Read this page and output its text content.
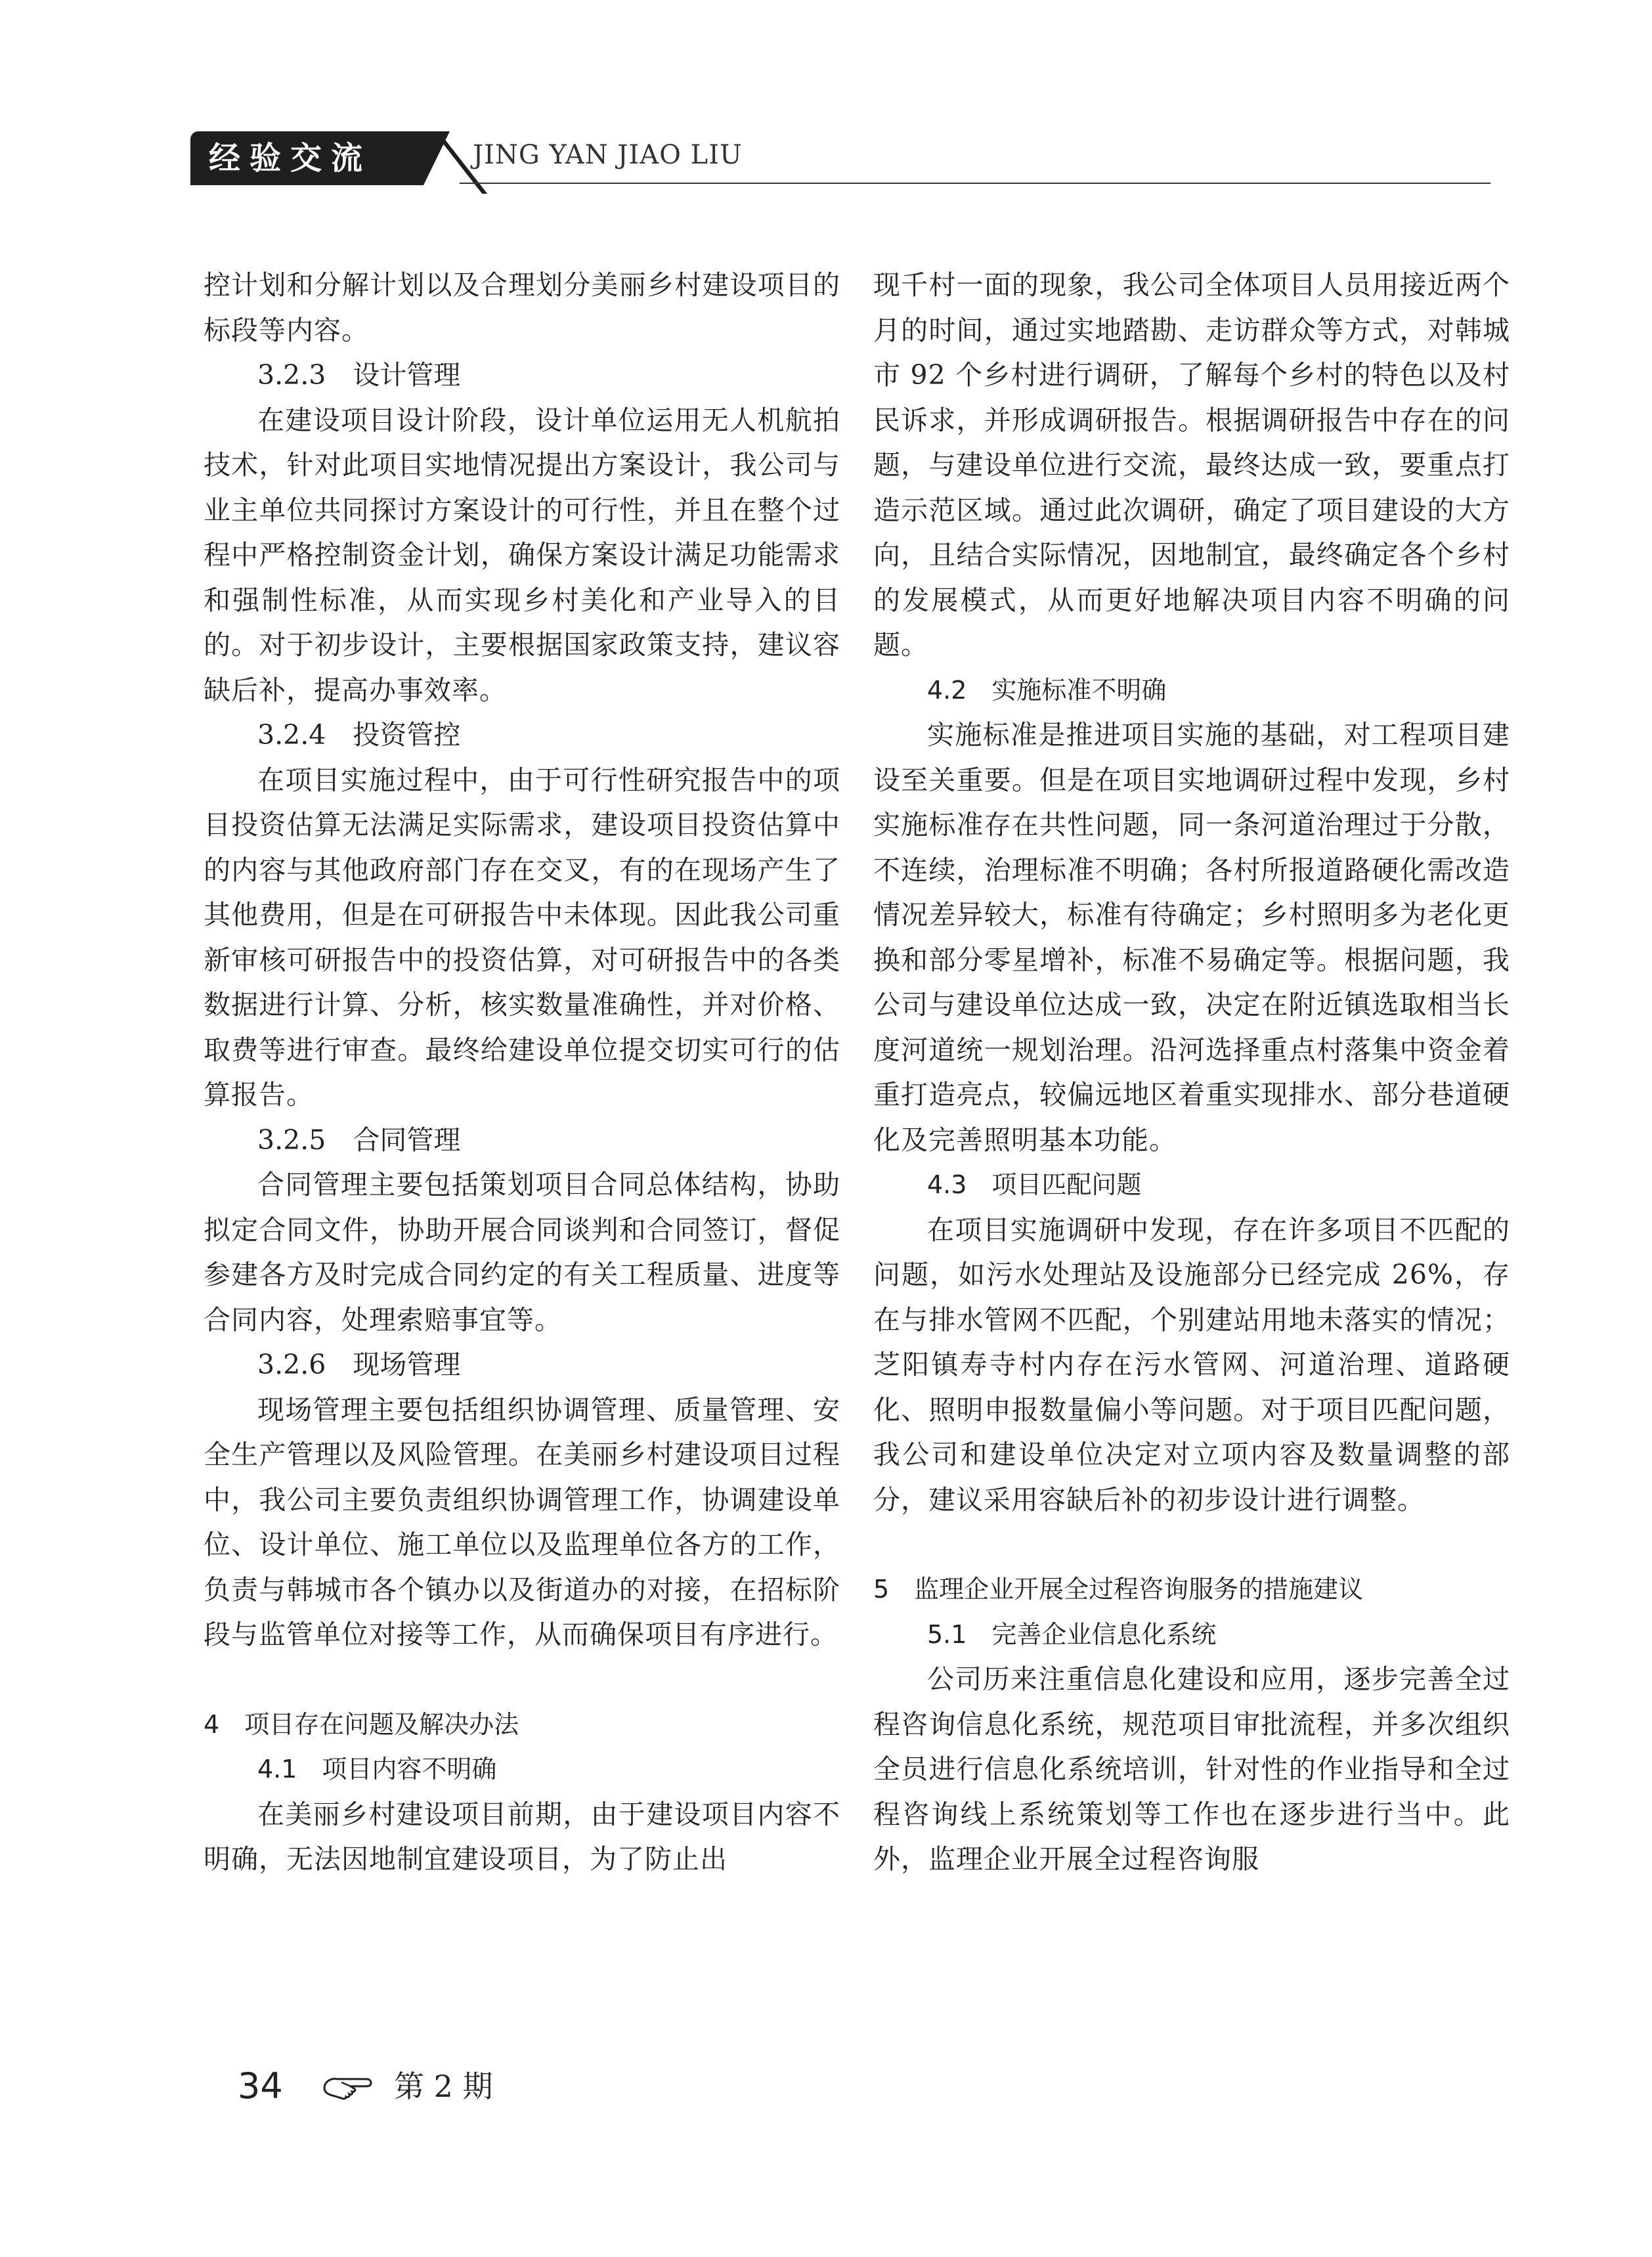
经验交流	JING YAN JIAO LIU
控计划和分解计划以及合理划分美丽乡村建设项目的标段等内容。
3.2.3　设计管理
在建设项目设计阶段，设计单位运用无人机航拍技术，针对此项目实地情况提出方案设计，我公司与业主单位共同探讨方案设计的可行性，并且在整个过程中严格控制资金计划，确保方案设计满足功能需求和强制性标准，从而实现乡村美化和产业导入的目的。对于初步设计，主要根据国家政策支持，建议容缺后补，提高办事效率。
3.2.4　投资管控
在项目实施过程中，由于可行性研究报告中的项目投资估算无法满足实际需求，建设项目投资估算中的内容与其他政府部门存在交叉，有的在现场产生了其他费用，但是在可研报告中未体现。因此我公司重新审核可研报告中的投资估算，对可研报告中的各类数据进行计算、分析，核实数量准确性，并对价格、取费等进行审查。最终给建设单位提交切实可行的估算报告。
3.2.5　合同管理
合同管理主要包括策划项目合同总体结构，协助拟定合同文件，协助开展合同谈判和合同签订，督促参建各方及时完成合同约定的有关工程质量、进度等合同内容，处理索赔事宜等。
3.2.6　现场管理
现场管理主要包括组织协调管理、质量管理、安全生产管理以及风险管理。在美丽乡村建设项目过程中，我公司主要负责组织协调管理工作，协调建设单位、设计单位、施工单位以及监理单位各方的工作，负责与韩城市各个镇办以及街道办的对接，在招标阶段与监管单位对接等工作，从而确保项目有序进行。
4　项目存在问题及解决办法
4.1　项目内容不明确
在美丽乡村建设项目前期，由于建设项目内容不明确，无法因地制宜建设项目，为了防止出
现千村一面的现象，我公司全体项目人员用接近两个月的时间，通过实地踏勘、走访群众等方式，对韩城市 92 个乡村进行调研，了解每个乡村的特色以及村民诉求，并形成调研报告。根据调研报告中存在的问题，与建设单位进行交流，最终达成一致，要重点打造示范区域。通过此次调研，确定了项目建设的大方向，且结合实际情况，因地制宜，最终确定各个乡村的发展模式，从而更好地解决项目内容不明确的问题。
4.2　实施标准不明确
实施标准是推进项目实施的基础，对工程项目建设至关重要。但是在项目实地调研过程中发现，乡村实施标准存在共性问题，同一条河道治理过于分散，不连续，治理标准不明确；各村所报道路硬化需改造情况差异较大，标准有待确定；乡村照明多为老化更换和部分零星增补，标准不易确定等。根据问题，我公司与建设单位达成一致，决定在附近镇选取相当长度河道统一规划治理。沿河选择重点村落集中资金着重打造亮点，较偏远地区着重实现排水、部分巷道硬化及完善照明基本功能。
4.3　项目匹配问题
在项目实施调研中发现，存在许多项目不匹配的问题，如污水处理站及设施部分已经完成 26%，存在与排水管网不匹配，个别建站用地未落实的情况；芝阳镇寿寺村内存在污水管网、河道治理、道路硬化、照明申报数量偏小等问题。对于项目匹配问题，我公司和建设单位决定对立项内容及数量调整的部分，建议采用容缺后补的初步设计进行调整。
5　监理企业开展全过程咨询服务的措施建议
5.1　完善企业信息化系统
公司历来注重信息化建设和应用，逐步完善全过程咨询信息化系统，规范项目审批流程，并多次组织全员进行信息化系统培训，针对性的作业指导和全过程咨询线上系统策划等工作也在逐步进行当中。此外，监理企业开展全过程咨询服
34	第 2 期
